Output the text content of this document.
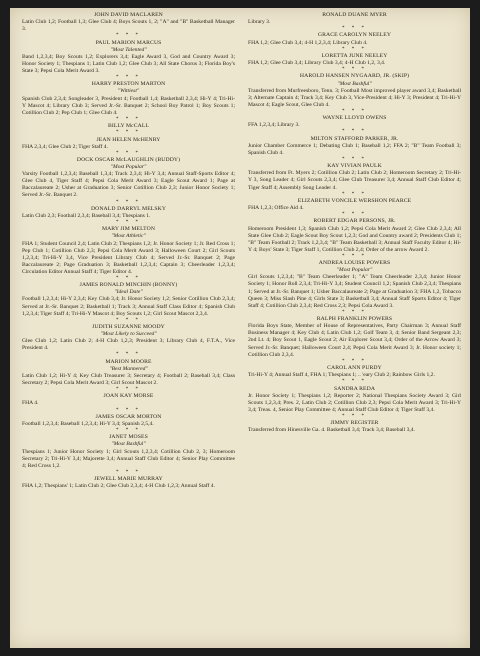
JOHN DAVID MACLAREN

Latin Club 1,2; Football 1,3; Glee Club 4; Boys Scouts 1, 2; "A" and "B" Basketball Manager 3.

* * *

PAUL MARION MARCUS

"Most Talented"

Band 1,2,3,4; Boy Scouts 1,2; Explorers 3,4; Eagle Award 3, God and Country Award 3; Honor Society 1; Thespians 1; Latin Club 1,2; Glee Club 3; All State Chorus 3; Florida Boy's State 3; Pepsi Cola Merit Award 3.

* * *

HARRY PRESTON MARTON

"Wittiest"

Spanish Club 2,3,4; Songleader 3, President 4; Football 1,4; Basketball 2,3,4; Hi-Y 4; Tri-Hi-Y Mascot 4; Library Club 3; Served Jr.-Sr. Banquet 2; School Boy Patrol 1; Boy Scouts 1; Cotillion Club 2; Pep Club 1; Glee Club 4.

* * *

BILLY McCALL

* * *

JEAN HELEN McHENRY

FHA 2,3,4; Glee Club 2; Tiger Staff 4.

* * *

DOCK OSCAR McLAUGHLIN (BUDDY)

"Most Popular"

Varsity Football 1,2,3,4; Baseball 1,3,4; Track 2,3,4; Hi-Y 3,4; Annual Staff-Sports Editor 4; Glee Club 4, Tiger Staff 4; Pepsi Cola Merit Award 3; Eagle Scout Award 1; Page at Baccalaureate 2; Usher at Graduation 3; Senior Cotillion Club 2,3; Junior Honor Society 1; Served Jr.-Sr. Banquet 2.

* * *

DONALD DARRYL MELSKY

Latin Club 2,3; Football 2,3,4; Baseball 3,4; Thespians 1.

* * *

MARY JIM MELTON

"Most Athletic"

FHA 1; Student Council 2,4; Latin Club 2; Thespians 1,2; Jr. Honor Society 1; Jr. Red Cross 1; Pep Club 1; Cotillion Club 2,3; Pepsi Cola Merit Award 3; Halloween Court 2; Girl Scouts 1,2,3,4; Tri-Hi-Y 3,4, Vice President Library Club 4; Served Jr.-Sr. Banquet 2; Page Baccalaureate 2; Page Graduation 3; Basketball 1,2,3,4; Captain 3; Cheerleader 1,2,3,4; Circulation Editor Annual Staff 4; Tiger Editor 4.

* * *

JAMES RONALD MINCHIN (BONNY)

"Ideal Date"

Football 1,2,3,4; Hi-Y 2,3,4; Key Club 3,4; Jr. Honor Society 1,2; Senior Cotillion Club 2,3,4; Served at Jr.-Sr. Banquet 2; Basketball 1; Track 3; Annual Staff Class Editor 4; Spanish Club 1,2,3,4; Tiger Staff 4; Tri-Hi-Y Mascot 4; Boy Scouts 1,2; Girl Scout Mascot 2,3,4.

* * *

JUDITH SUZANNE MOODY

"Most Likely to Succeed"

Glee Club 1,2; Latin Club 2; 4-H Club 1,2,3; President 3; Library Club 4, F.T.A., Vice President 4.

* * *

MARION MOORE

"Best Mannered"

Latin Club 1,2; Hi-Y 4; Key Club Treasurer 3; Secretary 4; Football 2; Baseball 3,4; Class Secretary 2; Pepsi Cola Merit Award 3; Girl Scout Mascot 2.

* * *

JOAN KAY MORSE

FHA 4.

* * *

JAMES OSCAR MORTON

Football 1,2,3,4; Baseball 1,2,3,4; Hi-Y 3,4; Spanish 2,5,4.

* * *

JANET MOSES

"Most Bashful"

Thespians 1; Junior Honor Society 1; Girl Scouts 1,2,3,4; Cotillion Club 2, 3; Homeroom Secretary 2; Tri-Hi-Y 3,4; Majorette 3,4; Annual Staff Club Editor 4; Senior Play Committee 4; Red Cross 1,2.

* * *

JEWELL MARIE MURRAY

FHA 1,2; Thespians' 1; Latin Club 2; Glee Club 2,3,4; 4-H Club 1,2,3; Annual Staff 4.

RONALD DUANE MYER

Library 3.

* * *

GRACE CAROLYN NEELEY

FHA 1,2; Glee Club 3,4; 4-H 1,2,3,4; Library Club 4.

* * *

LORETTA JUNE NEELEY

FHA 1,2; Glee Club 3,4; Library Club 3,4; 4-H Club 1,2, 3,4.

* * *

HAROLD HANSEN NYGAARD, JR. (SKIP)

"Most Bashful"

Transferred from Murfreesboro, Tenn. 3; Football Most improved player award 3,4; Basketball 3; Alternate Captain 4; Track 3,4; Key Club 3, Vice-President 4; Hi-Y 3; President 4; Tri-Hi-Y Mascot 4; Eagle Scout, Glee Club 4.

* * *

WAYNE LLOYD OWENS

FFA 1,2,3,4; Library 3.

* * *

MILTON STAFFORD PARKER, JR.

Junior Chamber Commerce 1; Debating Club 1; Baseball 1,2; FFA 2; "B" Team Football 3; Spanish Club 4.

* * *

KAY VIVIAN PAULK

Transferred from Ft. Myers 2; Cotillion Club 2; Latin Club 2; Homeroom Secretary 2; Tri-Hi-Y 3, Song Leader 4; Girl Scouts 2,3,4; Glee Club Treasurer 3,4; Annual Staff Club Editor 4; Tiger Staff 4; Assembly Song Leader 4.

* * *

ELIZABETH VONCILE WERSHON PEARCE

FHA 1,2,3; Office Aid 4.

* * *

ROBERT EDGAR PERSONS, JR.

Homeroom President 1,3; Spanish Club 1,2; Pepsi Cola Merit Award 2; Glee Club 2,3,4; All State Glee Club 2; Eagle Scout Boy Scout 1,2,3; God and Country award 2; Presidents Club 1; "B" Team Football 2; Track 1,2,3,4; "B" Team Basketball 3; Annual Staff Faculty Editor 4; Hi-Y 4; Boys' State 3; Tiger Staff 1, Cotillion Club 2,4; Order of the arrow Award 2.

* * *

ANDREA LOUISE POWERS

"Most Popular"

Girl Scouts 1,2,3,4; "B" Team Cheerleader 1; "A" Team Cheerleader 2,3,4; Junior Honor Society 1; Honor Roll 2,3,4; Tri-Hi-Y 3,4; Student Council 1,2; Spanish Club 2,3,4; Thespians 1; Served at Jr.-Sr. Banquet 1; Usher Baccalaureate 2; Page at Graduation 3; FHA 1,2, Tobacco Queen 3; Miss Slash Pine 4; Girls State 3; Basketball 3,4; Annual Staff Sports Editor 4; Tiger Staff 4; Cotillion Club 2,3,4; Red Cross 2,3; Pepsi Cola Award 3.

* * *

RALPH FRANKLIN POWERS

Florida Boys State, Member of House of Representatives, Party Chairman 3; Annual Staff Business Manager 4; Key Club 4; Latin Club 1,2; Golf Team 3, 4; Senior Band Sergeant 2,3; 2nd Lt. 4; Boy Scout 1, Eagle Scout 2; Air Explorer Scout 3,4; Order of the Arrow Award 3; Served Jr.-Sr. Banquet; Halloween Court 2,4; Pepsi Cola Merit Award 3; Jr. Honor society 1; Cotillion Club 2,3,4.

* * *

CAROL ANN PURDY

Tri-Hi-Y 4; Annual Staff 4, FHA 1; Thespians 1; .. 'eary Club 2; Rainbow Girls 1,2.

* * *

SANDRA REDA

Jr. Honor Society 1; Thespians 1,2; Reporter 2; National Thespians Society Award 3; Girl Scouts 1,2,3,4; Pres. 2, Latin Club 2; Cotillion Club 2,3; Pepsi Cola Merit Award 3; Tri-Hi-Y 3,4; Treas. 4, Senior Play Committee 4; Annual Staff Club Editor 4; Tiger Staff 3,4.

* * *

JIMMY REGISTER

Transferred from Hinesville Ga. 4. Basketball 3,4; Track 3,4; Baseball 3,4.
